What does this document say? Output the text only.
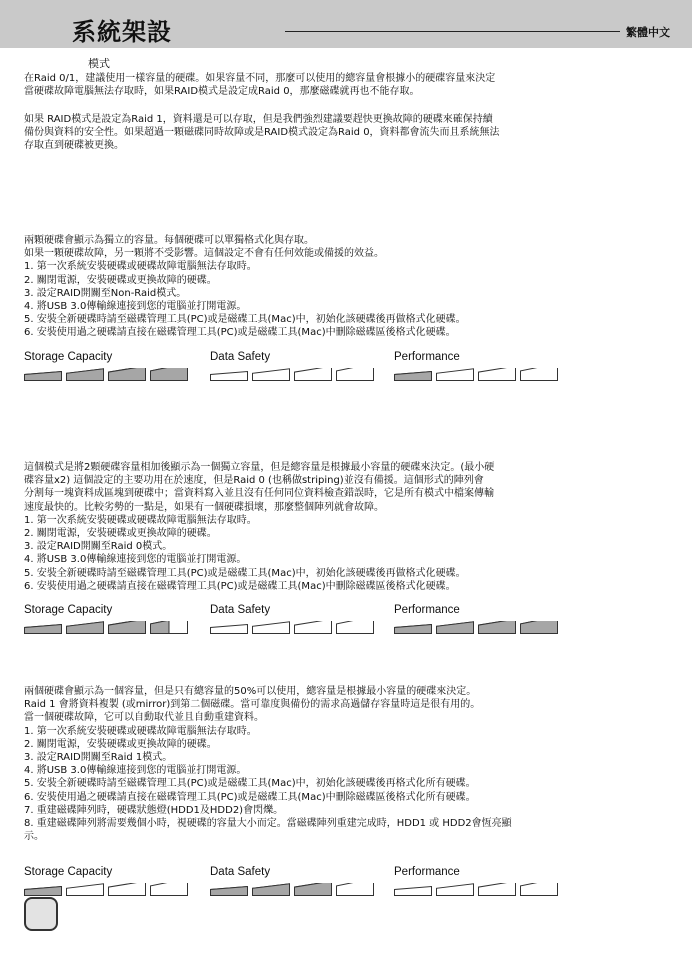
系統架設	繁體中文
模式

在Raid 0/1，建議使用一樣容量的硬碟。如果容量不同，那麼可以使用的總容量會根據小的硬碟容量來決定
當硬碟故障電腦無法存取時，如果RAID模式是設定成Raid 0，那麼磁碟就再也不能存取。

如果 RAID模式是設定為Raid 1，資料還是可以存取，但是我們強烈建議要趕快更換故障的硬碟來確保持續
備份與資料的安全性。如果超過一顆磁碟同時故障或是RAID模式設定為Raid 0，資料都會流失而且系統無法
存取直到硬碟被更換。

兩顆硬碟會顯示為獨立的容量。每個硬碟可以單獨格式化與存取。
如果一顆硬碟故障，另一顆將不受影響。這個設定不會有任何效能或備援的效益。
1. 第一次系統安裝硬碟或硬碟故障電腦無法存取時。
2. 關閉電源，安裝硬碟或更換故障的硬碟。
3. 設定RAID開關至Non-Raid模式。
4. 將USB 3.0傳輸線連接到您的電腦並打開電源。
5. 安裝全新硬碟時請至磁碟管理工具(PC)或是磁碟工具(Mac)中，初始化該硬碟後再做格式化硬碟。
6. 安裝使用過之硬碟請直接在磁碟管理工具(PC)或是磁碟工具(Mac)中刪除磁碟區後格式化硬碟。

Storage Capacity	Data Safety	Performance

這個模式是將2顆硬碟容量相加後顯示為一個獨立容量，但是總容量是根據最小容量的硬碟來決定。(最小硬
碟容量x2) 這個設定的主要功用在於速度，但是Raid 0 (也稱做striping)並沒有備援。這個形式的陣列會
分割每一塊資料成區塊到硬碟中；當資料寫入並且沒有任何同位資料檢查錯誤時，它是所有模式中檔案傳輸
速度最快的。比較劣勢的一點是，如果有一個硬碟損壞，那麼整個陣列就會故障。
1. 第一次系統安裝硬碟或硬碟故障電腦無法存取時。
2. 關閉電源，安裝硬碟或更換故障的硬碟。
3. 設定RAID開關至Raid 0模式。
4. 將USB 3.0傳輸線連接到您的電腦並打開電源。
5. 安裝全新硬碟時請至磁碟管理工具(PC)或是磁碟工具(Mac)中，初始化該硬碟後再做格式化硬碟。
6. 安裝使用過之硬碟請直接在磁碟管理工具(PC)或是磁碟工具(Mac)中刪除磁碟區後格式化硬碟。

Storage Capacity	Data Safety	Performance

兩個硬碟會顯示為一個容量，但是只有總容量的50%可以使用，總容量是根據最小容量的硬碟來決定。
Raid 1 會將資料複製 (或mirror)到第二個磁碟。當可靠度與備份的需求高過儲存容量時這是很有用的。
當一個硬碟故障，它可以自動取代並且自動重建資料。
1. 第一次系統安裝硬碟或硬碟故障電腦無法存取時。
2. 關閉電源，安裝硬碟或更換故障的硬碟。
3. 設定RAID開關至Raid 1模式。
4. 將USB 3.0傳輸線連接到您的電腦並打開電源。
5. 安裝全新硬碟時請至磁碟管理工具(PC)或是磁碟工具(Mac)中，初始化該硬碟後再格式化所有硬碟。
6. 安裝使用過之硬碟請直接在磁碟管理工具(PC)或是磁碟工具(Mac)中刪除磁碟區後格式化所有硬碟。
7. 重建磁碟陣列時，硬碟狀態燈(HDD1及HDD2)會閃爍。
8. 重建磁碟陣列將需要幾個小時，視硬碟的容量大小而定。當磁碟陣列重建完成時，HDD1 或 HDD2會恆亮顯
示。

Storage Capacity	Data Safety	Performance
